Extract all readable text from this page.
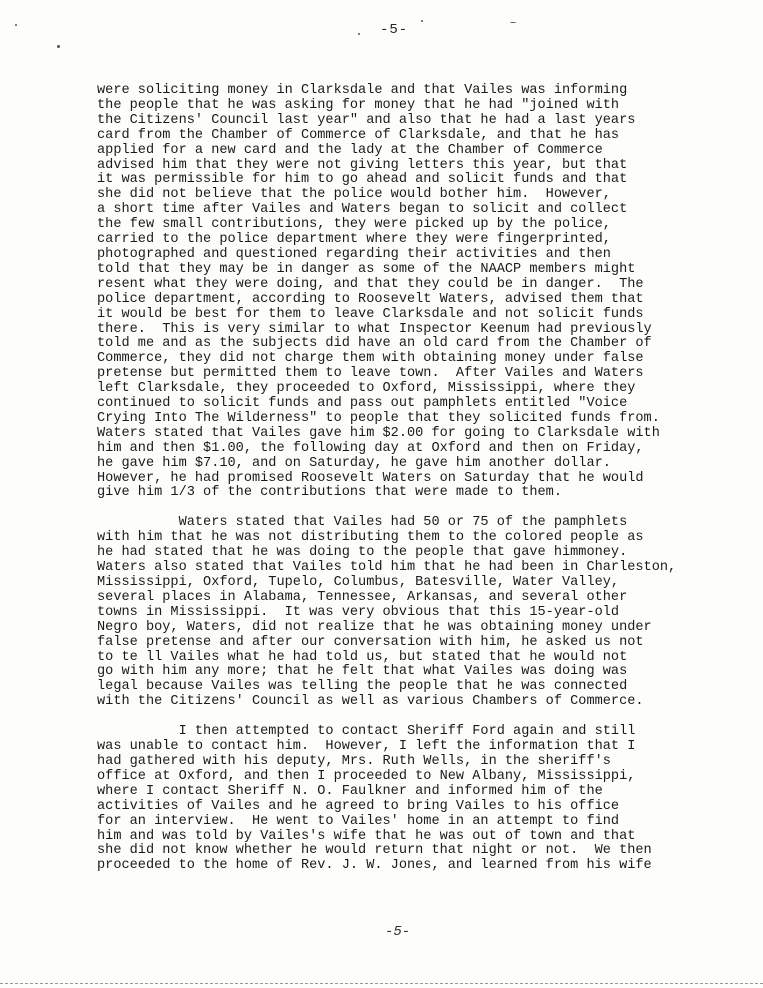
-5-
were soliciting money in Clarksdale and that Vailes was informing
the people that he was asking for money that he had "joined with
the Citizens' Council last year" and also that he had a last years
card from the Chamber of Commerce of Clarksdale, and that he has
applied for a new card and the lady at the Chamber of Commerce
advised him that they were not giving letters this year, but that
it was permissible for him to go ahead and solicit funds and that
she did not believe that the police would bother him.  However,
a short time after Vailes and Waters began to solicit and collect
the few small contributions, they were picked up by the police,
carried to the police department where they were fingerprinted,
photographed and questioned regarding their activities and then
told that they may be in danger as some of the NAACP members might
resent what they were doing, and that they could be in danger.  The
police department, according to Roosevelt Waters, advised them that
it would be best for them to leave Clarksdale and not solicit funds
there.  This is very similar to what Inspector Keenum had previously
told me and as the subjects did have an old card from the Chamber of
Commerce, they did not charge them with obtaining money under false
pretense but permitted them to leave town.  After Vailes and Waters
left Clarksdale, they proceeded to Oxford, Mississippi, where they
continued to solicit funds and pass out pamphlets entitled "Voice
Crying Into The Wilderness" to people that they solicited funds from.
Waters stated that Vailes gave him $2.00 for going to Clarksdale with
him and then $1.00, the following day at Oxford and then on Friday,
he gave him $7.10, and on Saturday, he gave him another dollar.
However, he had promised Roosevelt Waters on Saturday that he would
give him 1/3 of the contributions that were made to them.
Waters stated that Vailes had 50 or 75 of the pamphlets
with him that he was not distributing them to the colored people as
he had stated that he was doing to the people that gave himmoney.
Waters also stated that Vailes told him that he had been in Charleston,
Mississippi, Oxford, Tupelo, Columbus, Batesville, Water Valley,
several places in Alabama, Tennessee, Arkansas, and several other
towns in Mississippi.  It was very obvious that this 15-year-old
Negro boy, Waters, did not realize that he was obtaining money under
false pretense and after our conversation with him, he asked us not
to te ll Vailes what he had told us, but stated that he would not
go with him any more; that he felt that what Vailes was doing was
legal because Vailes was telling the people that he was connected
with the Citizens' Council as well as various Chambers of Commerce.
I then attempted to contact Sheriff Ford again and still
was unable to contact him.  However, I left the information that I
had gathered with his deputy, Mrs. Ruth Wells, in the sheriff's
office at Oxford, and then I proceeded to New Albany, Mississippi,
where I contact Sheriff N. O. Faulkner and informed him of the
activities of Vailes and he agreed to bring Vailes to his office
for an interview.  He went to Vailes' home in an attempt to find
him and was told by Vailes's wife that he was out of town and that
she did not know whether he would return that night or not.  We then
proceeded to the home of Rev. J. W. Jones, and learned from his wife
-5-
